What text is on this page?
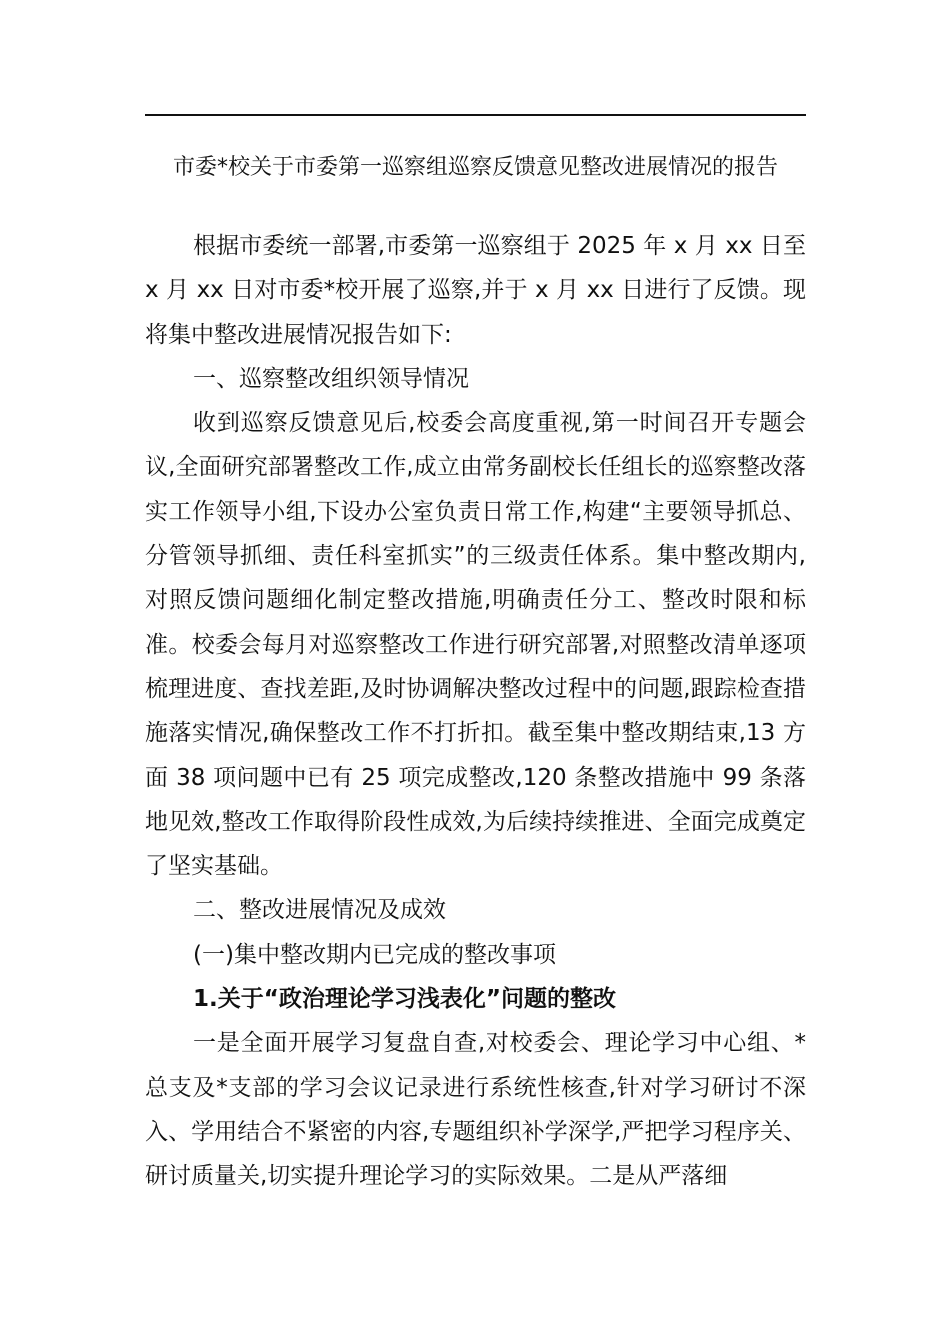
市委*校关于市委第一巡察组巡察反馈意见整改进展情况的报告

根据市委统一部署,市委第一巡察组于 2025 年 x 月 xx 日至 x 月 xx 日对市委*校开展了巡察,并于 x 月 xx 日进行了反馈。现将集中整改进展情况报告如下:

一、巡察整改组织领导情况

收到巡察反馈意见后,校委会高度重视,第一时间召开专题会议,全面研究部署整改工作,成立由常务副校长任组长的巡察整改落实工作领导小组,下设办公室负责日常工作,构建“主要领导抓总、分管领导抓细、责任科室抓实”的三级责任体系。集中整改期内,对照反馈问题细化制定整改措施,明确责任分工、整改时限和标准。校委会每月对巡察整改工作进行研究部署,对照整改清单逐项梳理进度、查找差距,及时协调解决整改过程中的问题,跟踪检查措施落实情况,确保整改工作不打折扣。截至集中整改期结束,13 方面 38 项问题中已有 25 项完成整改,120 条整改措施中 99 条落地见效,整改工作取得阶段性成效,为后续持续推进、全面完成奠定了坚实基础。

二、整改进展情况及成效

(一)集中整改期内已完成的整改事项

1.关于“政治理论学习浅表化”问题的整改

一是全面开展学习复盘自查,对校委会、理论学习中心组、*总支及*支部的学习会议记录进行系统性核查,针对学习研讨不深入、学用结合不紧密的内容,专题组织补学深学,严把学习程序关、研讨质量关,切实提升理论学习的实际效果。二是从严落细
